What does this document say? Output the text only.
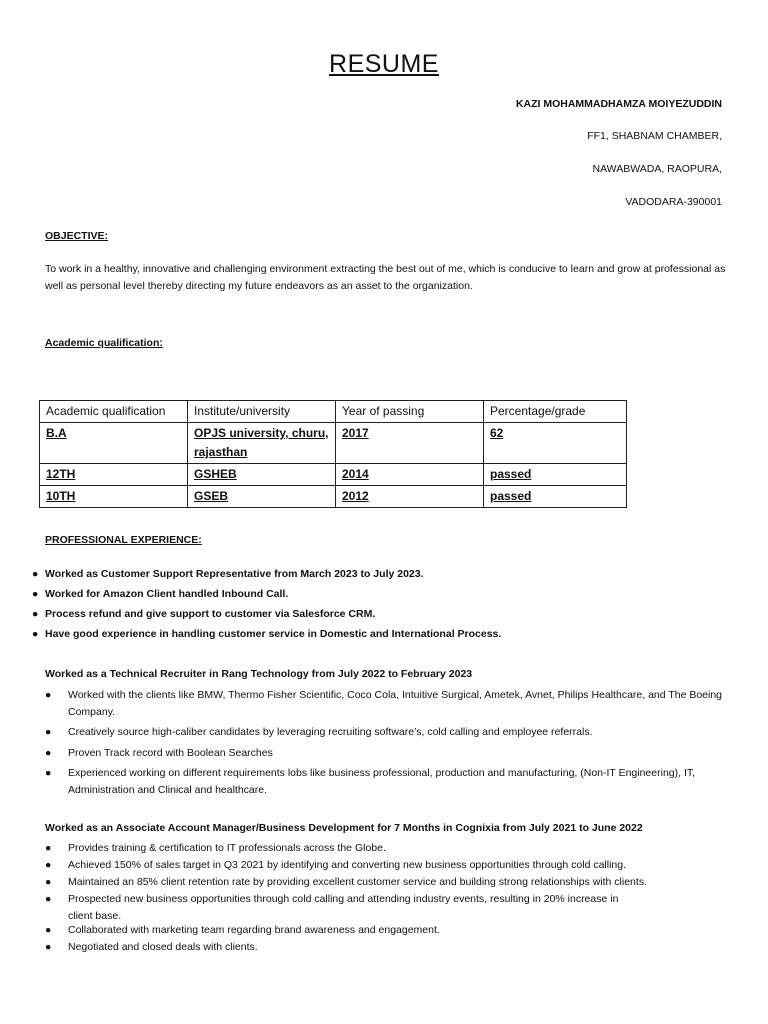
RESUME
KAZI MOHAMMADHAMZA MOIYEZUDDIN
FF1, SHABNAM CHAMBER,
NAWABWADA, RAOPURA,
VADODARA-390001
OBJECTIVE:
To work in a healthy, innovative and challenging environment extracting the best out of me, which is conducive to learn and grow at professional as well as personal level thereby directing my future endeavors as an asset to the organization.
Academic qualification:
Academic qualification	Institute/university	Year of passing	Percentage/grade
B.A	OPJS university, churu, rajasthan	2017	62
12TH	GSHEB	2014	passed
10TH	GSEB	2012	passed
PROFESSIONAL EXPERIENCE:
● Worked as Customer Support Representative from March 2023 to July 2023.
● Worked for Amazon Client handled Inbound Call.
● Process refund and give support to customer via Salesforce CRM.
● Have good experience in handling customer service in Domestic and International Process.
Worked as a Technical Recruiter in Rang Technology from July 2022 to February 2023
● Worked with the clients like BMW, Thermo Fisher Scientific, Coco Cola, Intuitive Surgical, Ametek, Avnet, Philips Healthcare, and The Boeing Company.
● Creatively source high-caliber candidates by leveraging recruiting software’s, cold calling and employee referrals.
● Proven Track record with Boolean Searches
● Experienced working on different requirements lobs like business professional, production and manufacturing, (Non-IT Engineering), IT, Administration and Clinical and healthcare.
Worked as an Associate Account Manager/Business Development for 7 Months in Cognixia from July 2021 to June 2022
● Provides training & certification to IT professionals across the Globe.
● Achieved 150% of sales target in Q3 2021 by identifying and converting new business opportunities through cold calling.
● Maintained an 85% client retention rate by providing excellent customer service and building strong relationships with clients.
● Prospected new business opportunities through cold calling and attending industry events, resulting in 20% increase in client base.
● Collaborated with marketing team regarding brand awareness and engagement.
● Negotiated and closed deals with clients.
